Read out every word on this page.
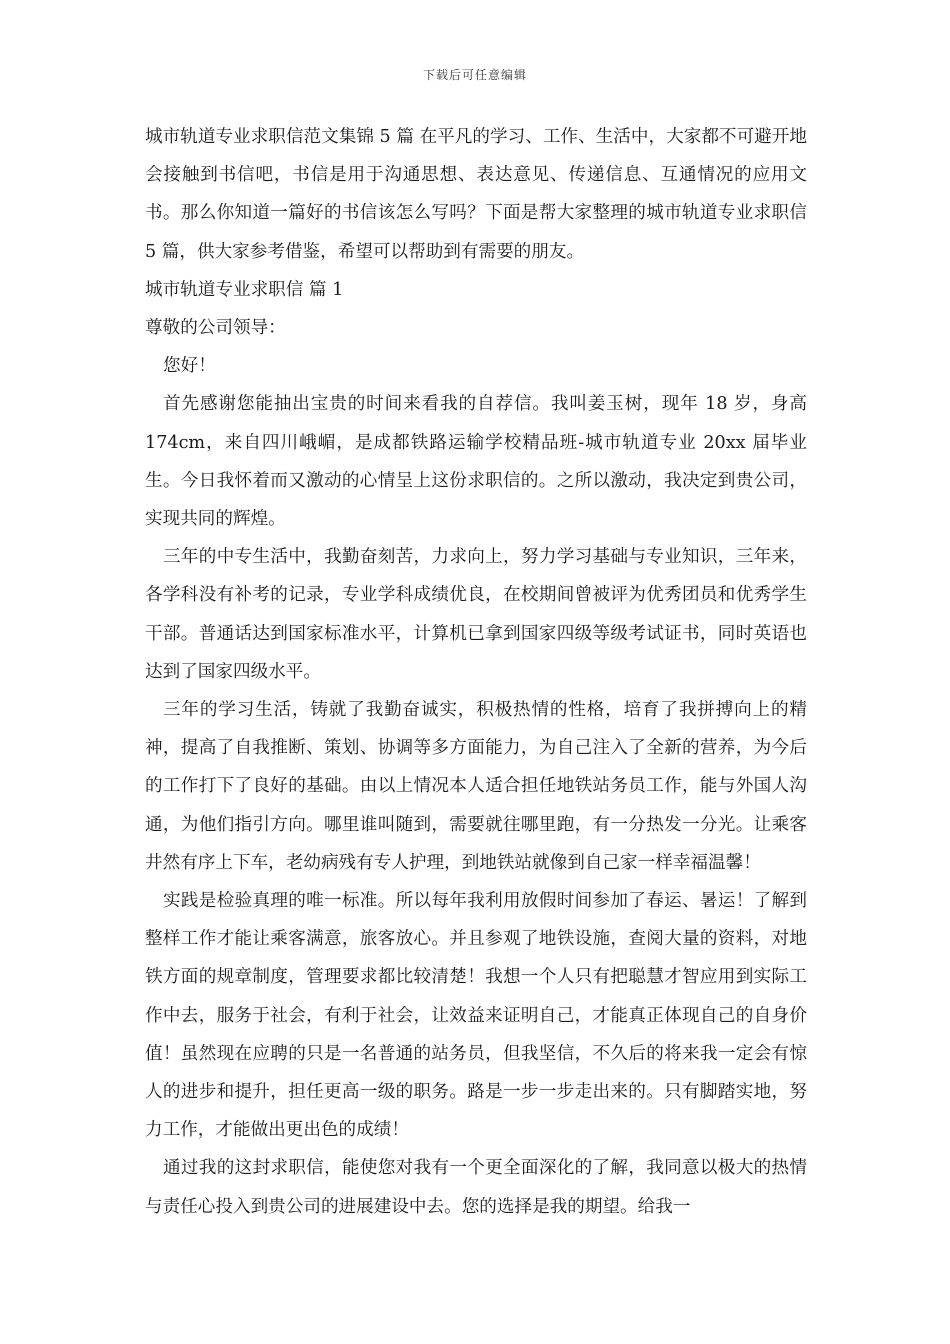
下载后可任意编辑

城市轨道专业求职信范文集锦 5 篇 在平凡的学习、工作、生活中，大家都不可避开地会接触到书信吧，书信是用于沟通思想、表达意见、传递信息、互通情况的应用文书。那么你知道一篇好的书信该怎么写吗？下面是帮大家整理的城市轨道专业求职信 5 篇，供大家参考借鉴，希望可以帮助到有需要的朋友。

城市轨道专业求职信 篇 1

尊敬的公司领导：

您好！

首先感谢您能抽出宝贵的时间来看我的自荐信。我叫姜玉树，现年 18 岁，身高 174cm，来自四川峨嵋，是成都铁路运输学校精品班-城市轨道专业 20xx 届毕业生。今日我怀着而又激动的心情呈上这份求职信的。之所以激动，我决定到贵公司，实现共同的辉煌。

三年的中专生活中，我勤奋刻苦，力求向上，努力学习基础与专业知识，三年来，各学科没有补考的记录，专业学科成绩优良，在校期间曾被评为优秀团员和优秀学生干部。普通话达到国家标准水平，计算机已拿到国家四级等级考试证书，同时英语也达到了国家四级水平。

三年的学习生活，铸就了我勤奋诚实，积极热情的性格，培育了我拼搏向上的精神，提高了自我推断、策划、协调等多方面能力，为自己注入了全新的营养，为今后的工作打下了良好的基础。由以上情况本人适合担任地铁站务员工作，能与外国人沟通，为他们指引方向。哪里谁叫随到，需要就往哪里跑，有一分热发一分光。让乘客井然有序上下车，老幼病残有专人护理，到地铁站就像到自己家一样幸福温馨！

实践是检验真理的唯一标准。所以每年我利用放假时间参加了春运、暑运！了解到整样工作才能让乘客满意，旅客放心。并且参观了地铁设施，查阅大量的资料，对地铁方面的规章制度，管理要求都比较清楚！我想一个人只有把聪慧才智应用到实际工作中去，服务于社会，有利于社会，让效益来证明自己，才能真正体现自己的自身价值！虽然现在应聘的只是一名普通的站务员，但我坚信，不久后的将来我一定会有惊人的进步和提升，担任更高一级的职务。路是一步一步走出来的。只有脚踏实地，努力工作，才能做出更出色的成绩！

通过我的这封求职信，能使您对我有一个更全面深化的了解，我同意以极大的热情与责任心投入到贵公司的进展建设中去。您的选择是我的期望。给我一
